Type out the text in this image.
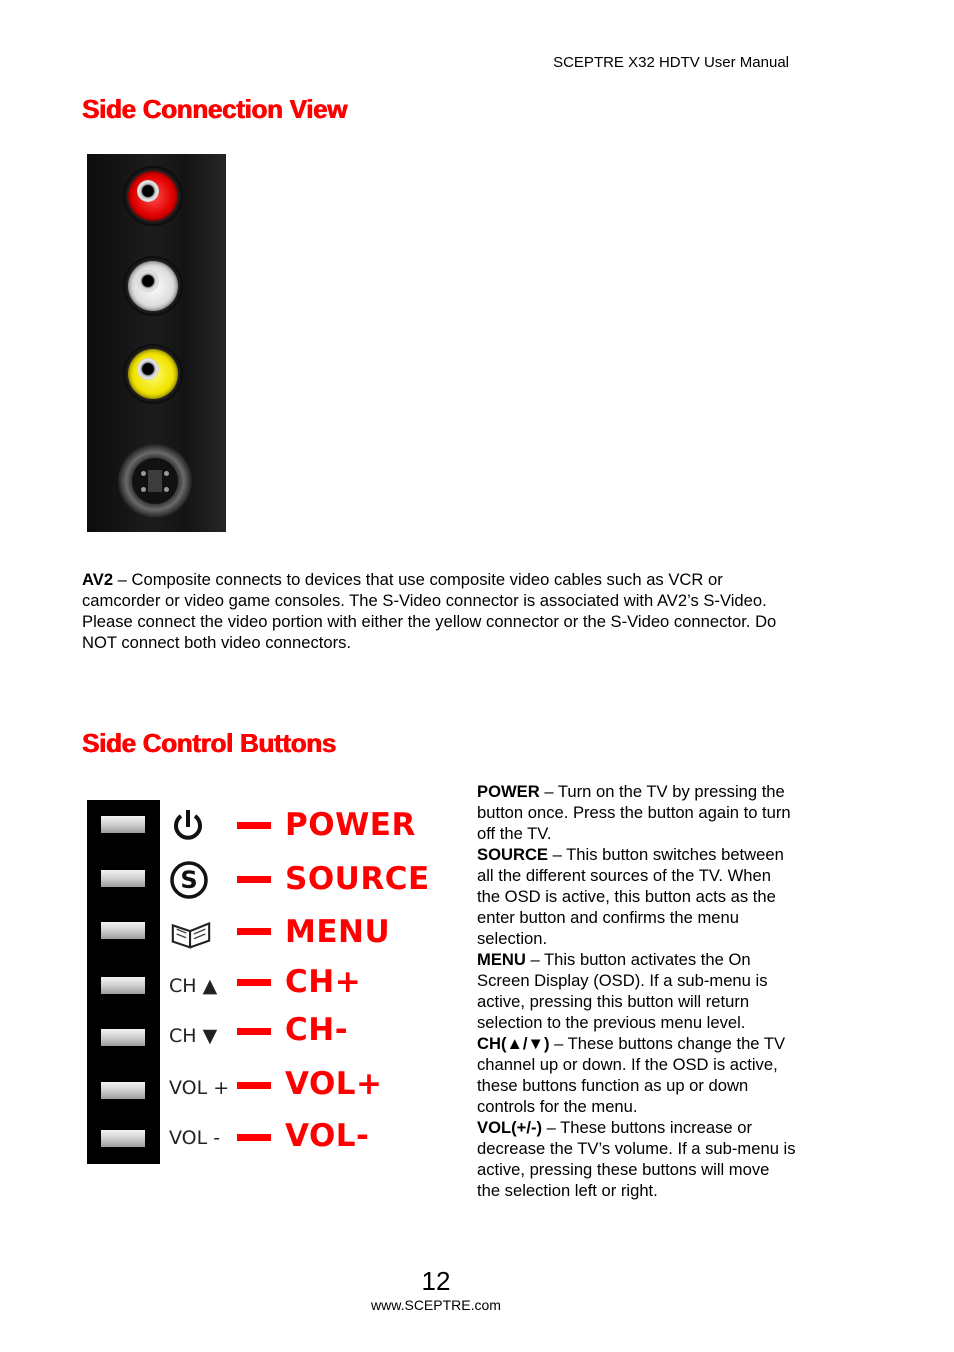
SCEPTRE X32 HDTV User Manual
Side Connection View

AV2 – Composite connects to devices that use composite video cables such as VCR or camcorder or video game consoles. The S-Video connector is associated with AV2’s S-Video. Please connect the video portion with either the yellow connector or the S-Video connector. Do NOT connect both video connectors.

Side Control Buttons
S
CH ▲
CH ▼
VOL +
VOL -
POWER
SOURCE
MENU
CH+
CH-
VOL+
VOL-
POWER – Turn on the TV by pressing the button once. Press the button again to turn off the TV.
SOURCE – This button switches between all the different sources of the TV. When the OSD is active, this button acts as the enter button and confirms the menu selection.
MENU – This button activates the On Screen Display (OSD). If a sub-menu is active, pressing this button will return selection to the previous menu level.
CH(▲/▼) – These buttons change the TV channel up or down. If the OSD is active, these buttons function as up or down controls for the menu.
VOL(+/-) – These buttons increase or decrease the TV’s volume. If a sub-menu is active, pressing these buttons will move the selection left or right.
12
www.SCEPTRE.com
